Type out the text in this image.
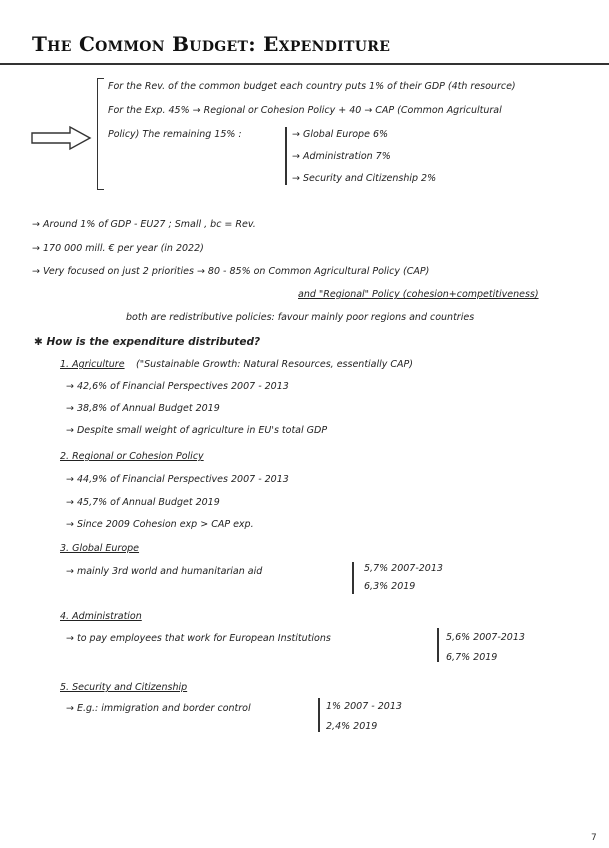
The Common Budget: Expenditure
For the Rev. of the common budget each country puts 1% of their GDP (4th resource)
For the Exp. 45% → Regional or Cohesion Policy + 40 → CAP (Common Agricultural
Policy) The remaining 15% :	→ Global Europe 6%
→ Administration 7%
→ Security and Citizenship 2%
→ Around 1% of GDP - EU27 ; Small , bc = Rev.
→ 170 000 mill. € per year (in 2022)
→ Very focused on just 2 priorities → 80 - 85% on Common Agricultural Policy (CAP)
and "Regional" Policy (cohesion+competitiveness)
both are redistributive policies: favour mainly poor regions and countries
✱ How is the expenditure distributed?
1. Agriculture ("Sustainable Growth: Natural Resources, essentially CAP)
→ 42,6% of Financial Perspectives 2007 - 2013
→ 38,8% of Annual Budget 2019
→ Despite small weight of agriculture in EU's total GDP
2. Regional or Cohesion Policy
→ 44,9% of Financial Perspectives 2007 - 2013
→ 45,7% of Annual Budget 2019
→ Since 2009 Cohesion exp > CAP exp.
3. Global Europe
→ mainly 3rd world and humanitarian aid	5,7% 2007-2013
6,3% 2019
4. Administration
→ to pay employees that work for European Institutions	5,6% 2007-2013
6,7% 2019
5. Security and Citizenship
→ E.g.: immigration and border control	1% 2007 - 2013
2,4% 2019
7
